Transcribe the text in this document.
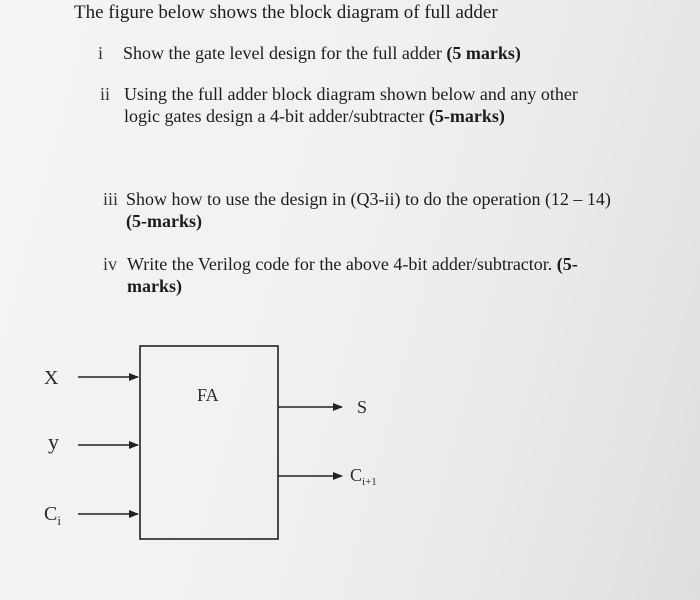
The figure below shows the block diagram of full adder
i Show the gate level design for the full adder (5 marks)
ii Using the full adder block diagram shown below and any other
logic gates design a 4-bit adder/subtracter (5-marks)
iii Show how to use the design in (Q3-ii) to do the operation (12 – 14)
(5-marks)
iv Write the Verilog code for the above 4-bit adder/subtractor. (5-
marks)
FA
X
y
$C_i$
S
$C_{i+1}$
